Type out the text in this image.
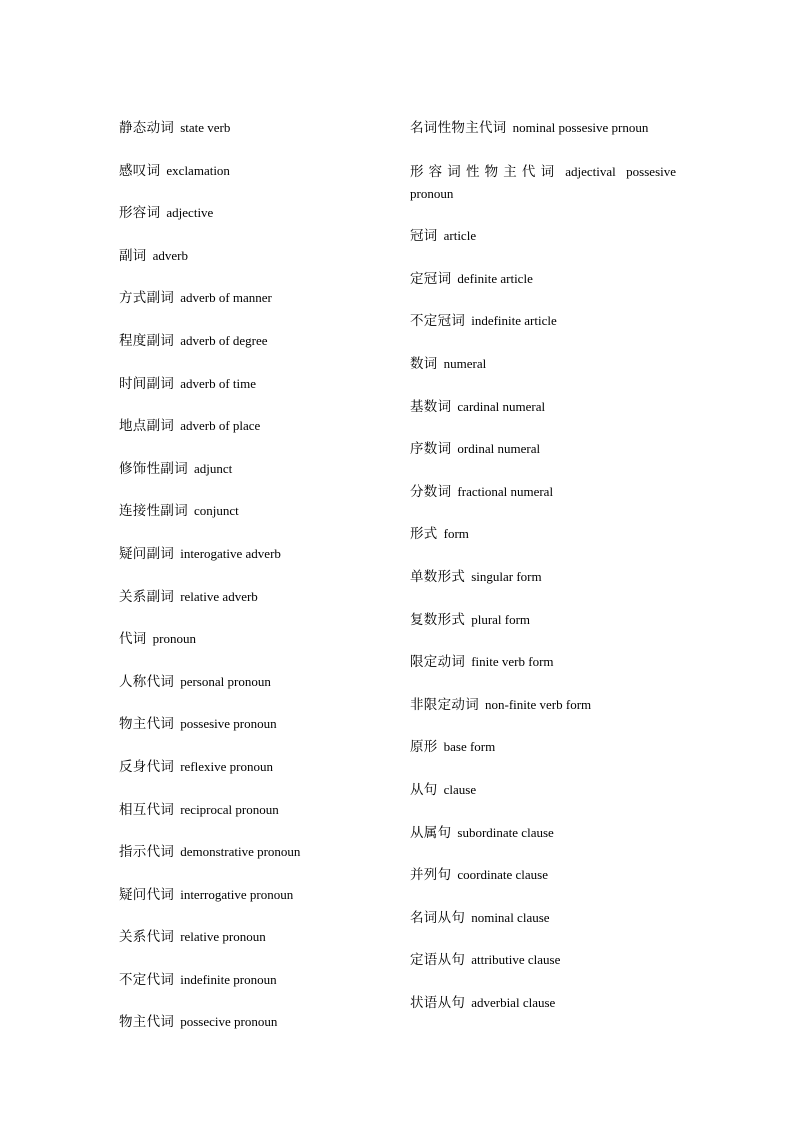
静态动词 state verb
感叹词 exclamation
形容词 adjective
副词 adverb
方式副词 adverb of manner
程度副词 adverb of degree
时间副词 adverb of time
地点副词 adverb of place
修饰性副词 adjunct
连接性副词 conjunct
疑问副词 interogative adverb
关系副词 relative adverb
代词 pronoun
人称代词 personal pronoun
物主代词 possesive pronoun
反身代词 reflexive pronoun
相互代词 reciprocal pronoun
指示代词 demonstrative pronoun
疑问代词 interrogative pronoun
关系代词 relative pronoun
不定代词 indefinite pronoun
物主代词 possecive pronoun
名词性物主代词 nominal possesive prnoun
形容词性物主代词 adjectival possesive pronoun
冠词 article
定冠词 definite article
不定冠词 indefinite article
数词 numeral
基数词 cardinal numeral
序数词 ordinal numeral
分数词 fractional numeral
形式 form
单数形式 singular form
复数形式 plural form
限定动词 finite verb form
非限定动词 non-finite verb form
原形 base form
从句 clause
从属句 subordinate clause
并列句 coordinate clause
名词从句 nominal clause
定语从句 attributive clause
状语从句 adverbial clause
